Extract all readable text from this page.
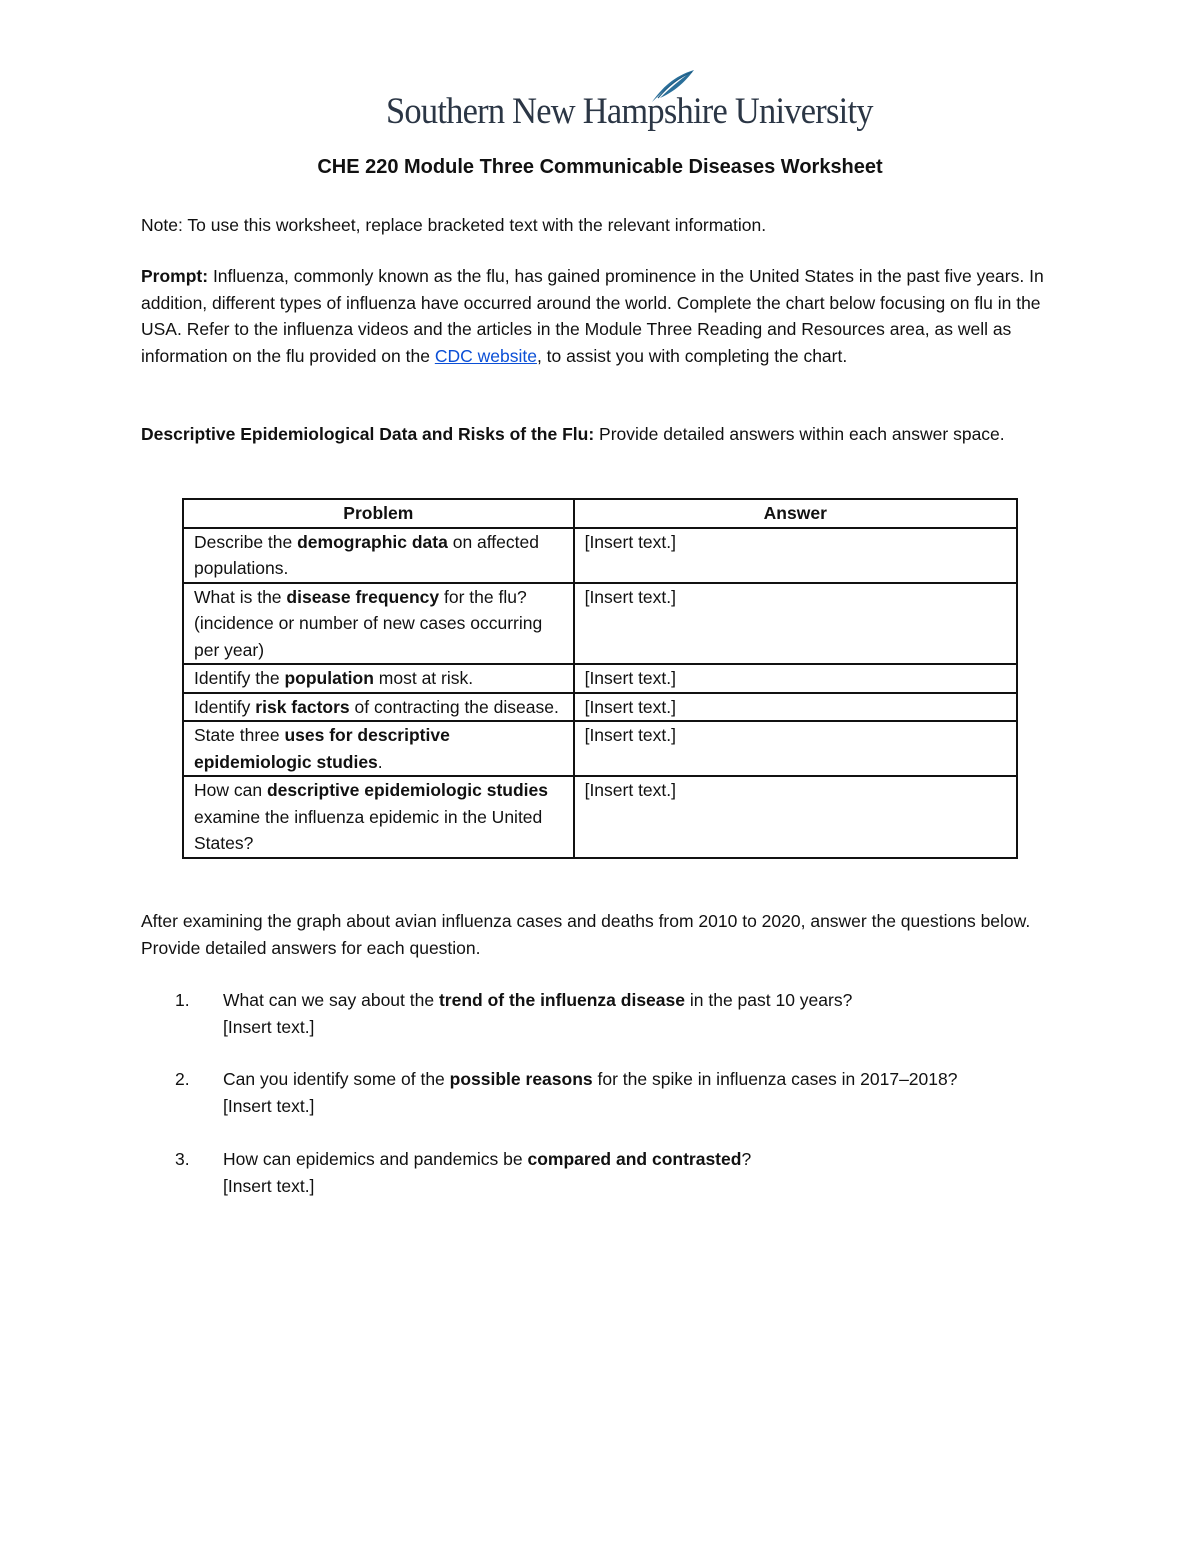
Southern New Hampshire University
CHE 220 Module Three Communicable Diseases Worksheet
Note: To use this worksheet, replace bracketed text with the relevant information.
Prompt: Influenza, commonly known as the flu, has gained prominence in the United States in the past five years. In addition, different types of influenza have occurred around the world. Complete the chart below focusing on flu in the USA. Refer to the influenza videos and the articles in the Module Three Reading and Resources area, as well as information on the flu provided on the CDC website, to assist you with completing the chart.
Descriptive Epidemiological Data and Risks of the Flu: Provide detailed answers within each answer space.
Problem	Answer
Describe the demographic data on affected populations.	[Insert text.]
What is the disease frequency for the flu? (incidence or number of new cases occurring per year)	[Insert text.]
Identify the population most at risk.	[Insert text.]
Identify risk factors of contracting the disease.	[Insert text.]
State three uses for descriptive epidemiologic studies.	[Insert text.]
How can descriptive epidemiologic studies examine the influenza epidemic in the United States?	[Insert text.]
After examining the graph about avian influenza cases and deaths from 2010 to 2020, answer the questions below. Provide detailed answers for each question.
1.	What can we say about the trend of the influenza disease in the past 10 years?
[Insert text.]
2.	Can you identify some of the possible reasons for the spike in influenza cases in 2017–2018?
[Insert text.]
3.	How can epidemics and pandemics be compared and contrasted?
[Insert text.]
